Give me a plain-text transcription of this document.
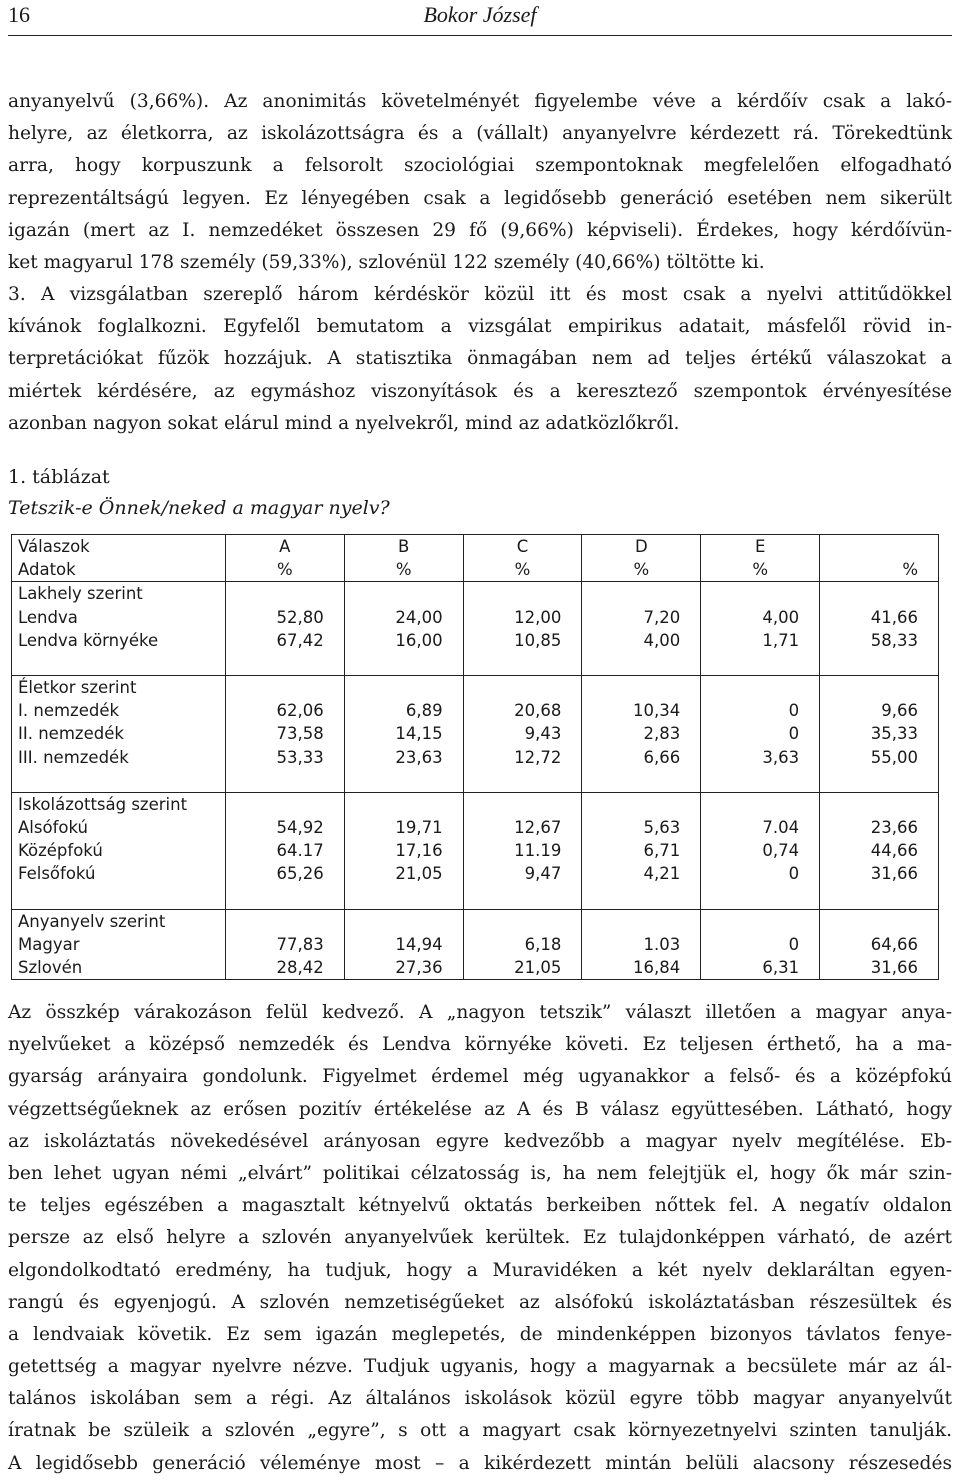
16	Bokor József
anyanyelvű (3,66%). Az anonimitás követelményét figyelembe véve a kérdőív csak a lakó-
helyre, az életkorra, az iskolázottságra és a (vállalt) anyanyelvre kérdezett rá. Törekedtünk
arra, hogy korpuszunk a felsorolt szociológiai szempontoknak megfelelően elfogadható
reprezentáltságú legyen. Ez lényegében csak a legidősebb generáció esetében nem sikerült
igazán (mert az I. nemzedéket összesen 29 fő (9,66%) képviseli). Érdekes, hogy kérdőívün-
ket magyarul 178 személy (59,33%), szlovénül 122 személy (40,66%) töltötte ki.
3. A vizsgálatban szereplő három kérdéskör közül itt és most csak a nyelvi attitűdökkel
kívánok foglalkozni. Egyfelől bemutatom a vizsgálat empirikus adatait, másfelől rövid in-
terpretációkat fűzök hozzájuk. A statisztika önmagában nem ad teljes értékű válaszokat a
miértek kérdésére, az egymáshoz viszonyítások és a keresztező szempontok érvényesítése
azonban nagyon sokat elárul mind a nyelvekről, mind az adatközlőkről.
1. táblázat
Tetszik-e Önnek/neked a magyar nyelv?
Válaszok	A	B	C	D	E	
Adatok	%	%	%	%	%	%
Lakhely szerint						
Lendva	52,80	24,00	12,00	7,20	4,00	41,66
Lendva környéke	67,42	16,00	10,85	4,00	1,71	58,33

Életkor szerint						
I. nemzedék	62,06	6,89	20,68	10,34	0	9,66
II. nemzedék	73,58	14,15	9,43	2,83	0	35,33
III. nemzedék	53,33	23,63	12,72	6,66	3,63	55,00

Iskolázottság szerint						
Alsófokú	54,92	19,71	12,67	5,63	7.04	23,66
Középfokú	64.17	17,16	11.19	6,71	0,74	44,66
Felsőfokú	65,26	21,05	9,47	4,21	0	31,66

Anyanyelv szerint						
Magyar	77,83	14,94	6,18	1.03	0	64,66
Szlovén	28,42	27,36	21,05	16,84	6,31	31,66
Az összkép várakozáson felül kedvező. A „nagyon tetszik” választ illetően a magyar anya-
nyelvűeket a középső nemzedék és Lendva környéke követi. Ez teljesen érthető, ha a ma-
gyarság arányaira gondolunk. Figyelmet érdemel még ugyanakkor a felső- és a középfokú
végzettségűeknek az erősen pozitív értékelése az A és B válasz együttesében. Látható, hogy
az iskoláztatás növekedésével arányosan egyre kedvezőbb a magyar nyelv megítélése. Eb-
ben lehet ugyan némi „elvárt” politikai célzatosság is, ha nem felejtjük el, hogy ők már szin-
te teljes egészében a magasztalt kétnyelvű oktatás berkeiben nőttek fel. A negatív oldalon
persze az első helyre a szlovén anyanyelvűek kerültek. Ez tulajdonképpen várható, de azért
elgondolkodtató eredmény, ha tudjuk, hogy a Muravidéken a két nyelv deklaráltan egyen-
rangú és egyenjogú. A szlovén nemzetiségűeket az alsófokú iskoláztatásban részesültek és
a lendvaiak követik. Ez sem igazán meglepetés, de mindenképpen bizonyos távlatos fenye-
getettség a magyar nyelvre nézve. Tudjuk ugyanis, hogy a magyarnak a becsülete már az ál-
talános iskolában sem a régi. Az általános iskolások közül egyre több magyar anyanyelvűt
íratnak be szüleik a szlovén „egyre”, s ott a magyart csak környezetnyelvi szinten tanulják.
A legidősebb generáció véleménye most – a kikérdezett mintán belüli alacsony részesedés
